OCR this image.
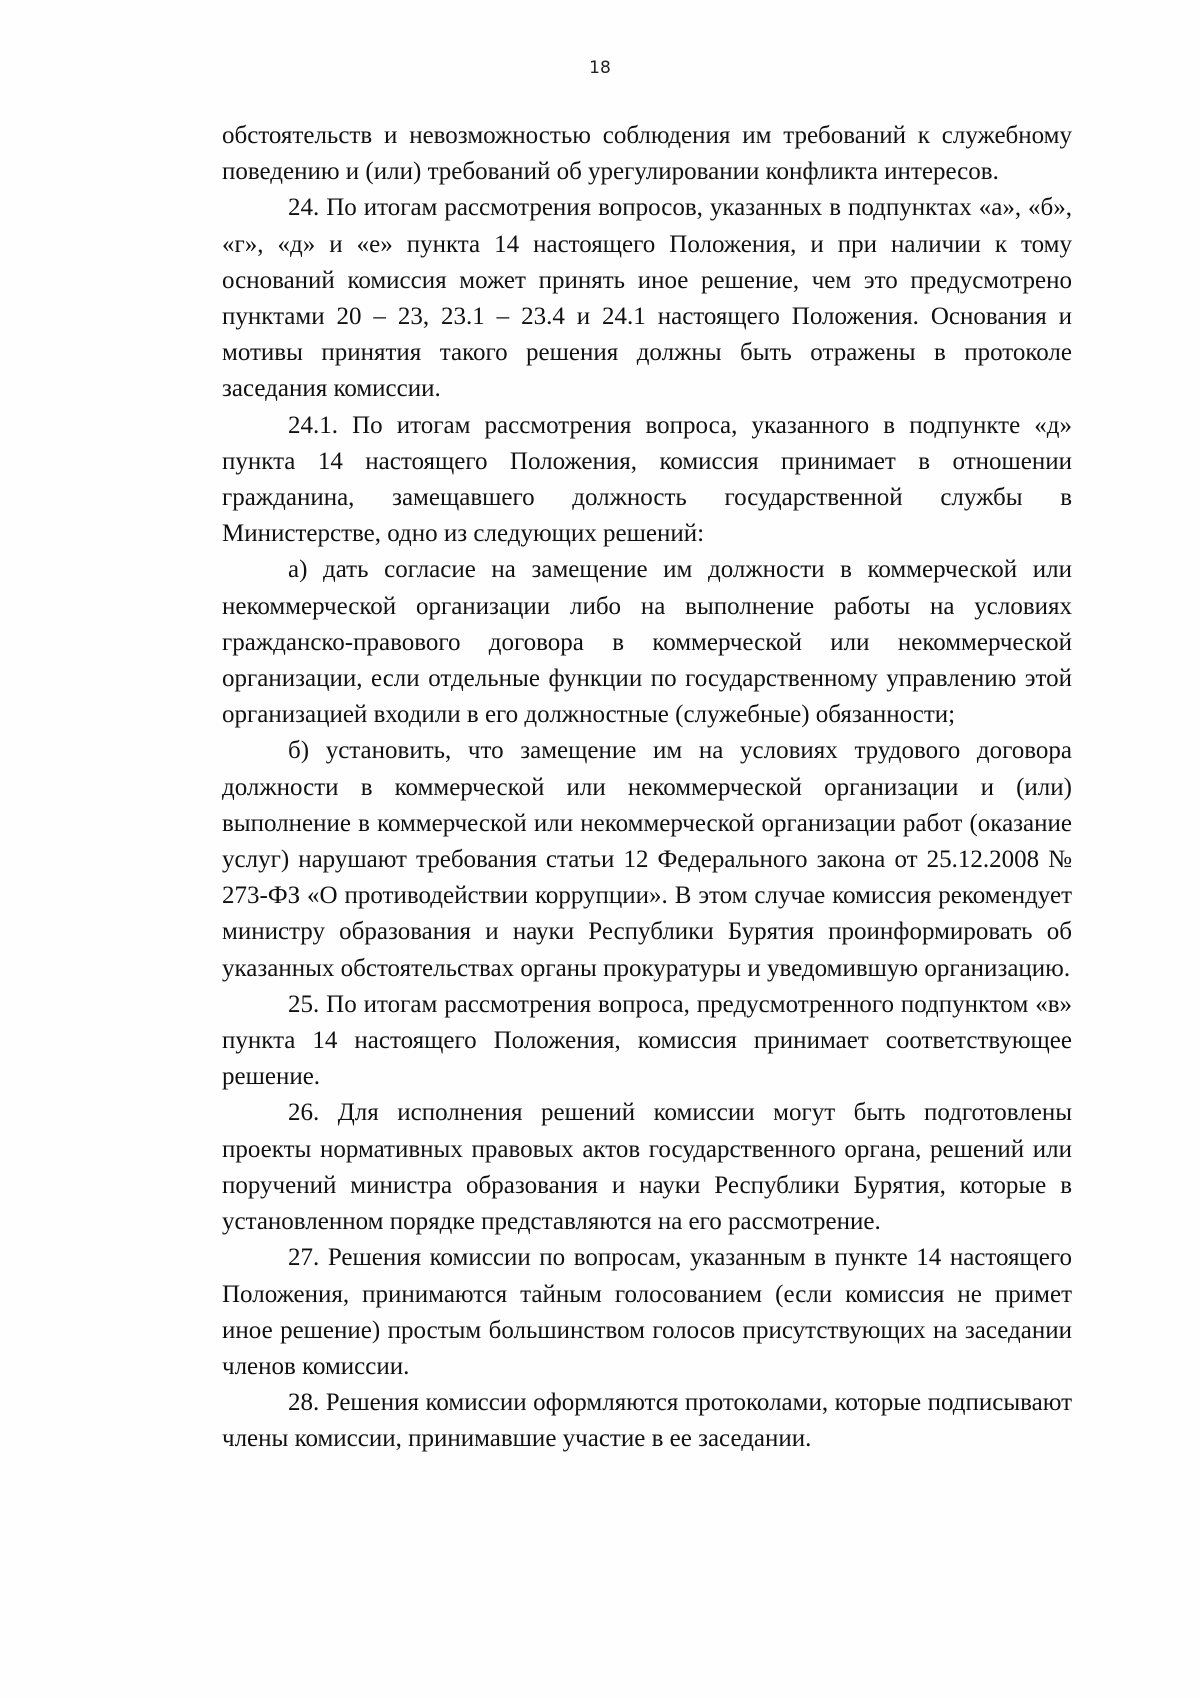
18

обстоятельств и невозможностью соблюдения им требований к служебному поведению и (или) требований об урегулировании конфликта интересов.

24. По итогам рассмотрения вопросов, указанных в подпунктах «а», «б», «г», «д» и «е» пункта 14 настоящего Положения, и при наличии к тому оснований комиссия может принять иное решение, чем это предусмотрено пунктами 20 – 23, 23.1 – 23.4 и 24.1 настоящего Положения. Основания и мотивы принятия такого решения должны быть отражены в протоколе заседания комиссии.

24.1. По итогам рассмотрения вопроса, указанного в подпункте «д» пункта 14 настоящего Положения, комиссия принимает в отношении гражданина, замещавшего должность государственной службы в Министерстве, одно из следующих решений:

а) дать согласие на замещение им должности в коммерческой или некоммерческой организации либо на выполнение работы на условиях гражданско-правового договора в коммерческой или некоммерческой организации, если отдельные функции по государственному управлению этой организацией входили в его должностные (служебные) обязанности;

б) установить, что замещение им на условиях трудового договора должности в коммерческой или некоммерческой организации и (или) выполнение в коммерческой или некоммерческой организации работ (оказание услуг) нарушают требования статьи 12 Федерального закона от 25.12.2008 № 273-ФЗ «О противодействии коррупции». В этом случае комиссия рекомендует министру образования и науки Республики Бурятия проинформировать об указанных обстоятельствах органы прокуратуры и уведомившую организацию.

25. По итогам рассмотрения вопроса, предусмотренного подпунктом «в» пункта 14 настоящего Положения, комиссия принимает соответствующее решение.

26. Для исполнения решений комиссии могут быть подготовлены проекты нормативных правовых актов государственного органа, решений или поручений министра образования и науки Республики Бурятия, которые в установленном порядке представляются на его рассмотрение.

27. Решения комиссии по вопросам, указанным в пункте 14 настоящего Положения, принимаются тайным голосованием (если комиссия не примет иное решение) простым большинством голосов присутствующих на заседании членов комиссии.

28. Решения комиссии оформляются протоколами, которые подписывают члены комиссии, принимавшие участие в ее заседании.
